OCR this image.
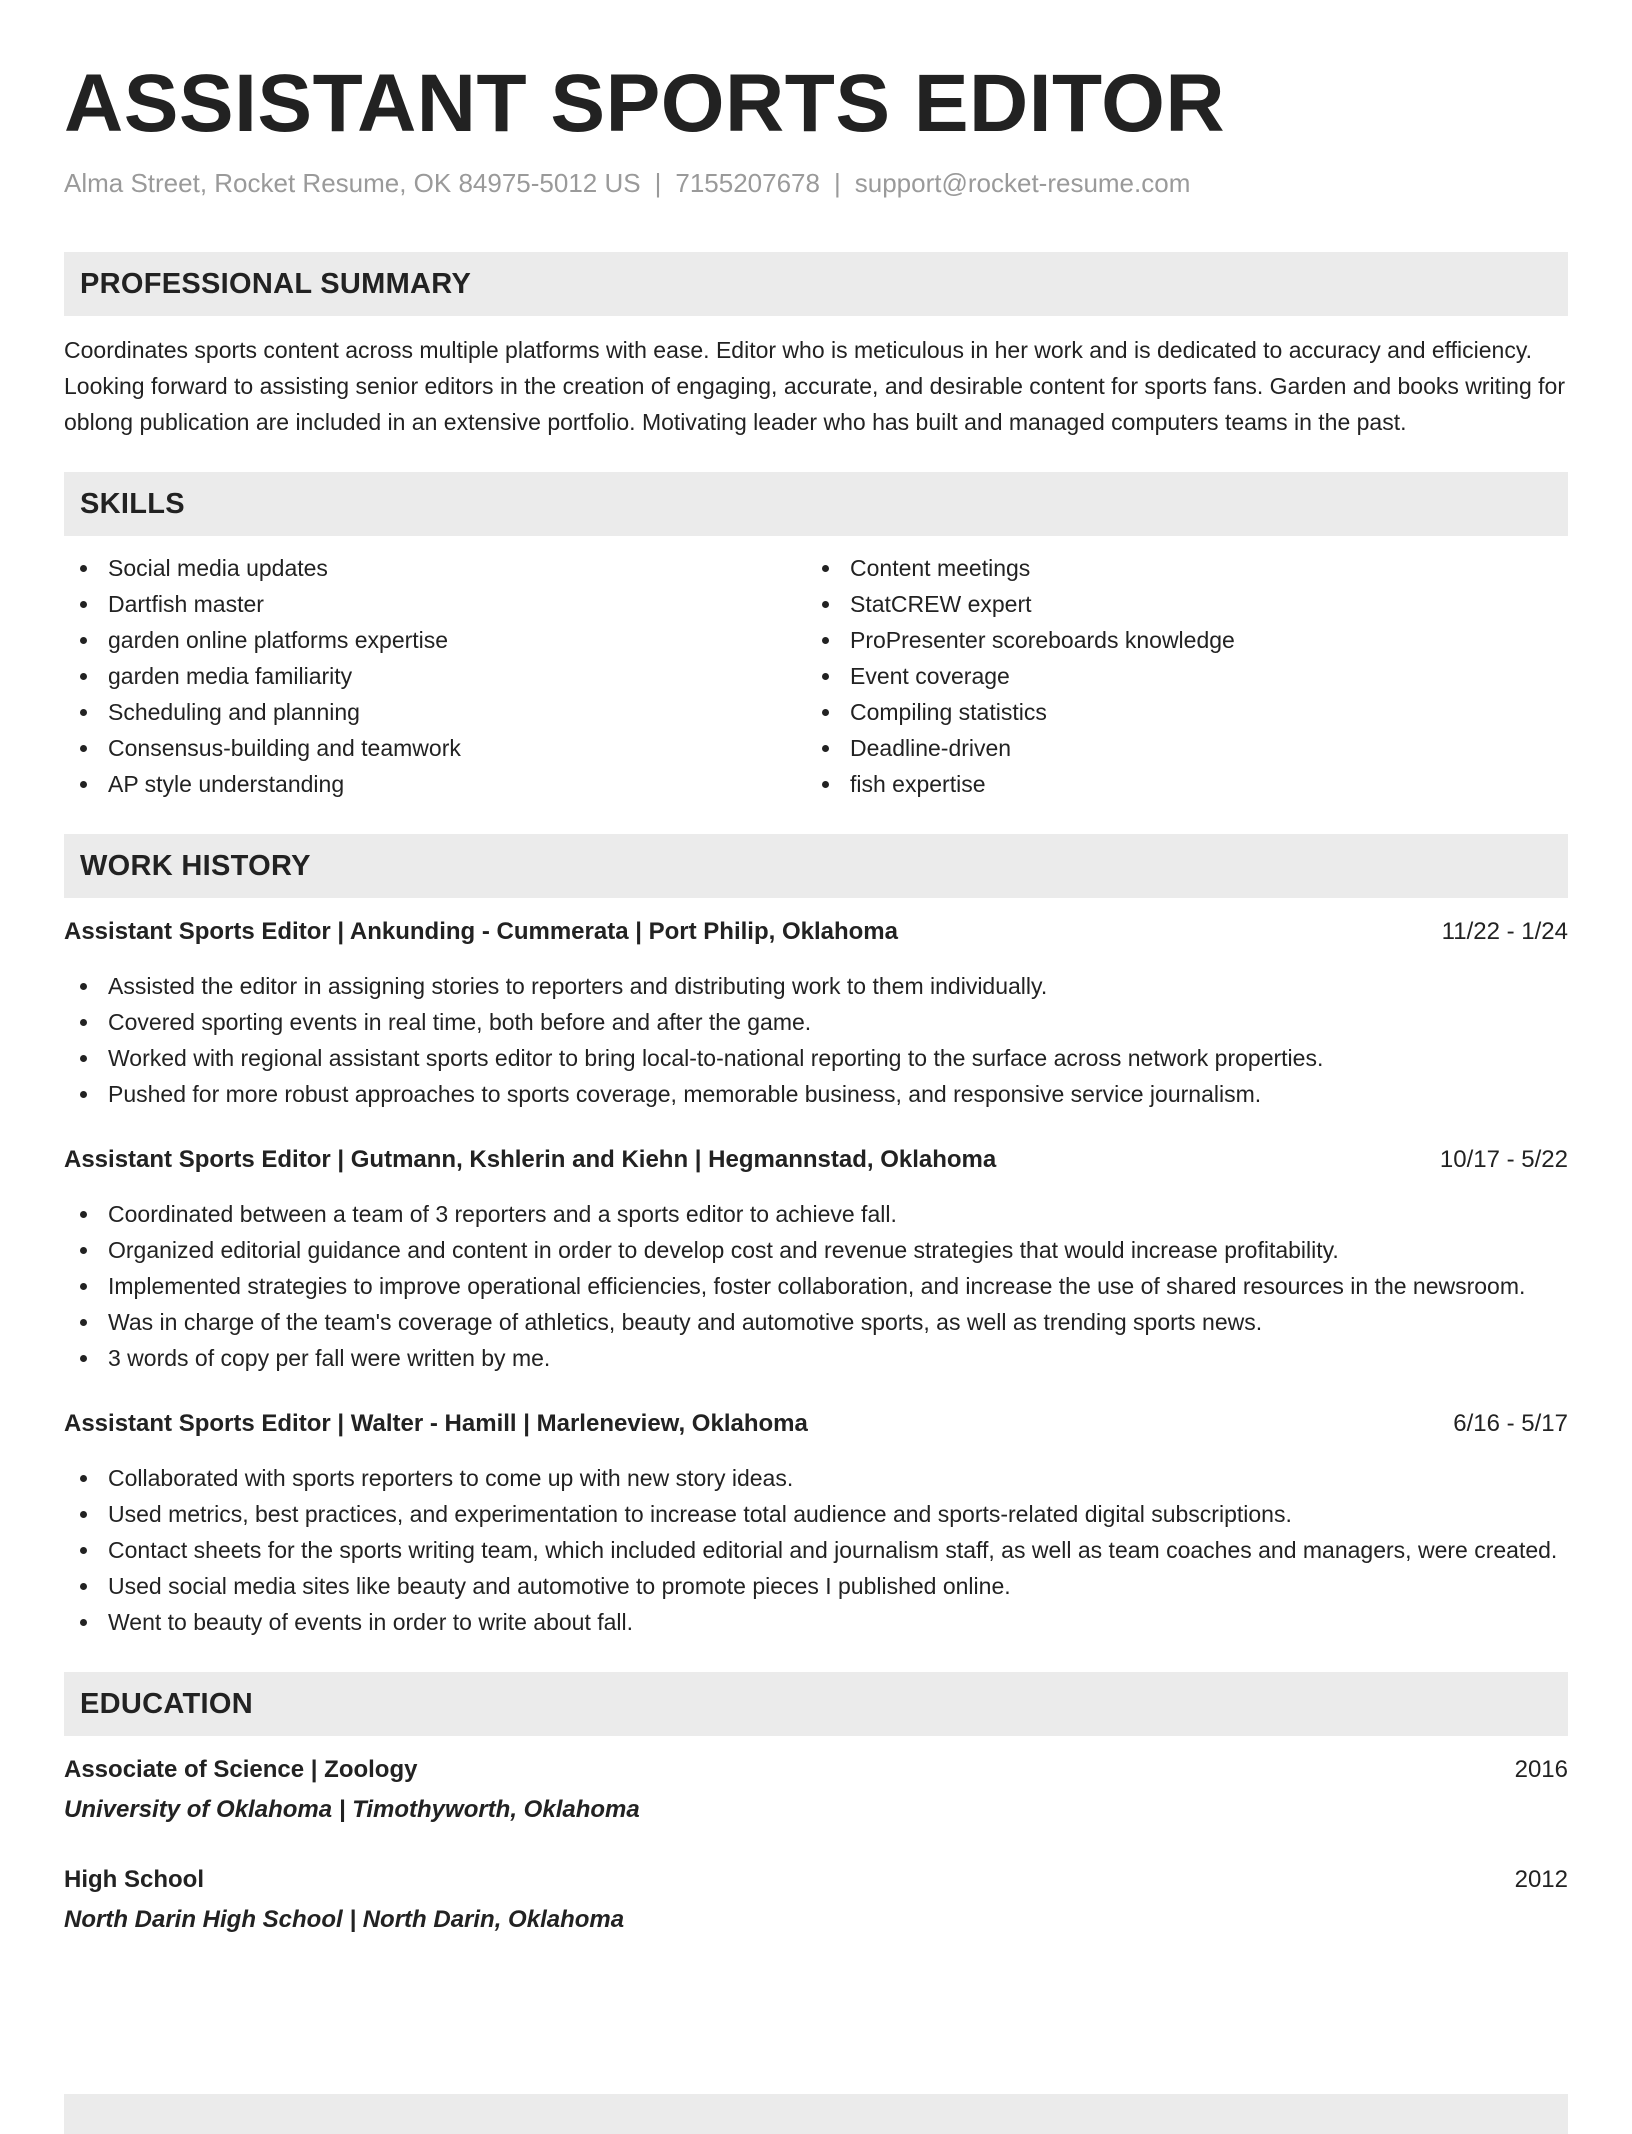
ASSISTANT SPORTS EDITOR
Alma Street, Rocket Resume, OK 84975-5012 US | 7155207678 | support@rocket-resume.com
PROFESSIONAL SUMMARY

Coordinates sports content across multiple platforms with ease. Editor who is meticulous in her work and is dedicated to accuracy and efficiency. Looking forward to assisting senior editors in the creation of engaging, accurate, and desirable content for sports fans. Garden and books writing for oblong publication are included in an extensive portfolio. Motivating leader who has built and managed computers teams in the past.

SKILLS
Social media updates
Dartfish master
garden online platforms expertise
garden media familiarity
Scheduling and planning
Consensus-building and teamwork
AP style understanding
Content meetings
StatCREW expert
ProPresenter scoreboards knowledge
Event coverage
Compiling statistics
Deadline-driven
fish expertise
WORK HISTORY
Assistant Sports Editor | Ankunding - Cummerata | Port Philip, Oklahoma	11/22 - 1/24
Assisted the editor in assigning stories to reporters and distributing work to them individually.
Covered sporting events in real time, both before and after the game.
Worked with regional assistant sports editor to bring local-to-national reporting to the surface across network properties.
Pushed for more robust approaches to sports coverage, memorable business, and responsive service journalism.
Assistant Sports Editor | Gutmann, Kshlerin and Kiehn | Hegmannstad, Oklahoma	10/17 - 5/22
Coordinated between a team of 3 reporters and a sports editor to achieve fall.
Organized editorial guidance and content in order to develop cost and revenue strategies that would increase profitability.
Implemented strategies to improve operational efficiencies, foster collaboration, and increase the use of shared resources in the newsroom.
Was in charge of the team's coverage of athletics, beauty and automotive sports, as well as trending sports news.
3 words of copy per fall were written by me.
Assistant Sports Editor | Walter - Hamill | Marleneview, Oklahoma	6/16 - 5/17
Collaborated with sports reporters to come up with new story ideas.
Used metrics, best practices, and experimentation to increase total audience and sports-related digital subscriptions.
Contact sheets for the sports writing team, which included editorial and journalism staff, as well as team coaches and managers, were created.
Used social media sites like beauty and automotive to promote pieces I published online.
Went to beauty of events in order to write about fall.
EDUCATION
Associate of Science | Zoology	2016
University of Oklahoma | Timothyworth, Oklahoma
High School	2012
North Darin High School | North Darin, Oklahoma
